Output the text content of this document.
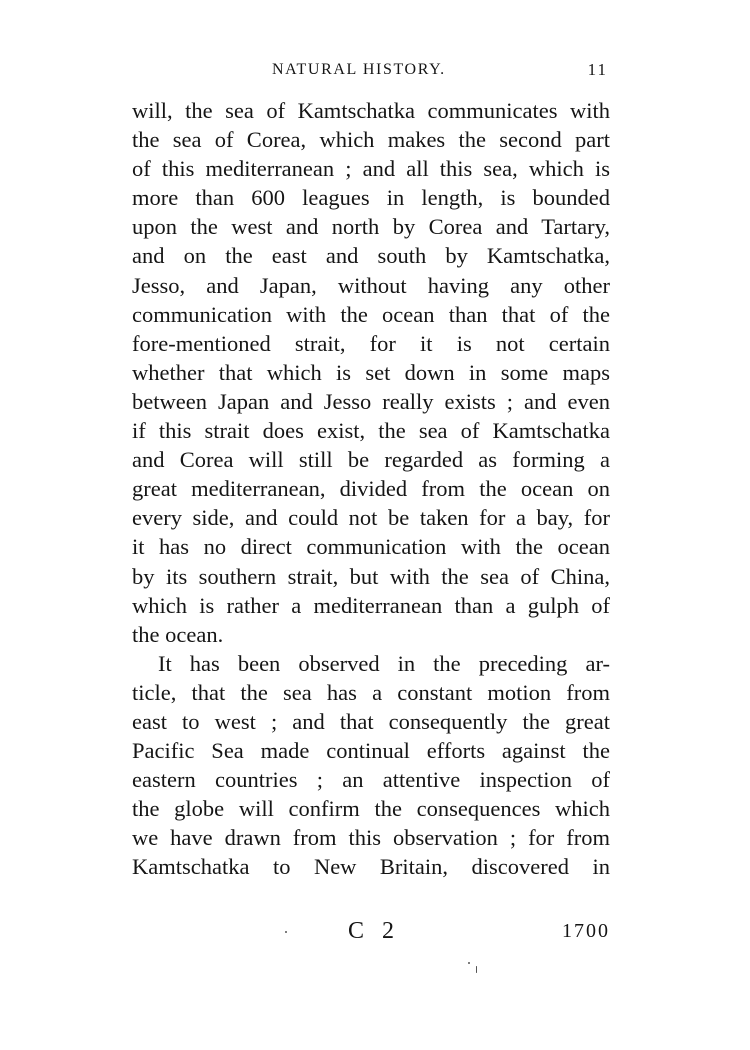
NATURAL HISTORY.	11
will, the sea of Kamtschatka communicates with
the sea of Corea, which makes the second part
of this mediterranean ; and all this sea, which is
more than 600 leagues in length, is bounded
upon the west and north by Corea and Tartary,
and on the east and south by Kamtschatka,
Jesso, and Japan, without having any other
communication with the ocean than that of the
fore-mentioned strait, for it is not certain
whether that which is set down in some maps
between Japan and Jesso really exists ; and even
if this strait does exist, the sea of Kamtschatka
and Corea will still be regarded as forming a
great mediterranean, divided from the ocean on
every side, and could not be taken for a bay, for
it has no direct communication with the ocean
by its southern strait, but with the sea of China,
which is rather a mediterranean than a gulph of
the ocean.
It has been observed in the preceding ar-
ticle, that the sea has a constant motion from
east to west ; and that consequently the great
Pacific Sea made continual efforts against the
eastern countries ; an attentive inspection of
the globe will confirm the consequences which
we have drawn from this observation ; for from
Kamtschatka to New Britain, discovered in
C 2	1700
